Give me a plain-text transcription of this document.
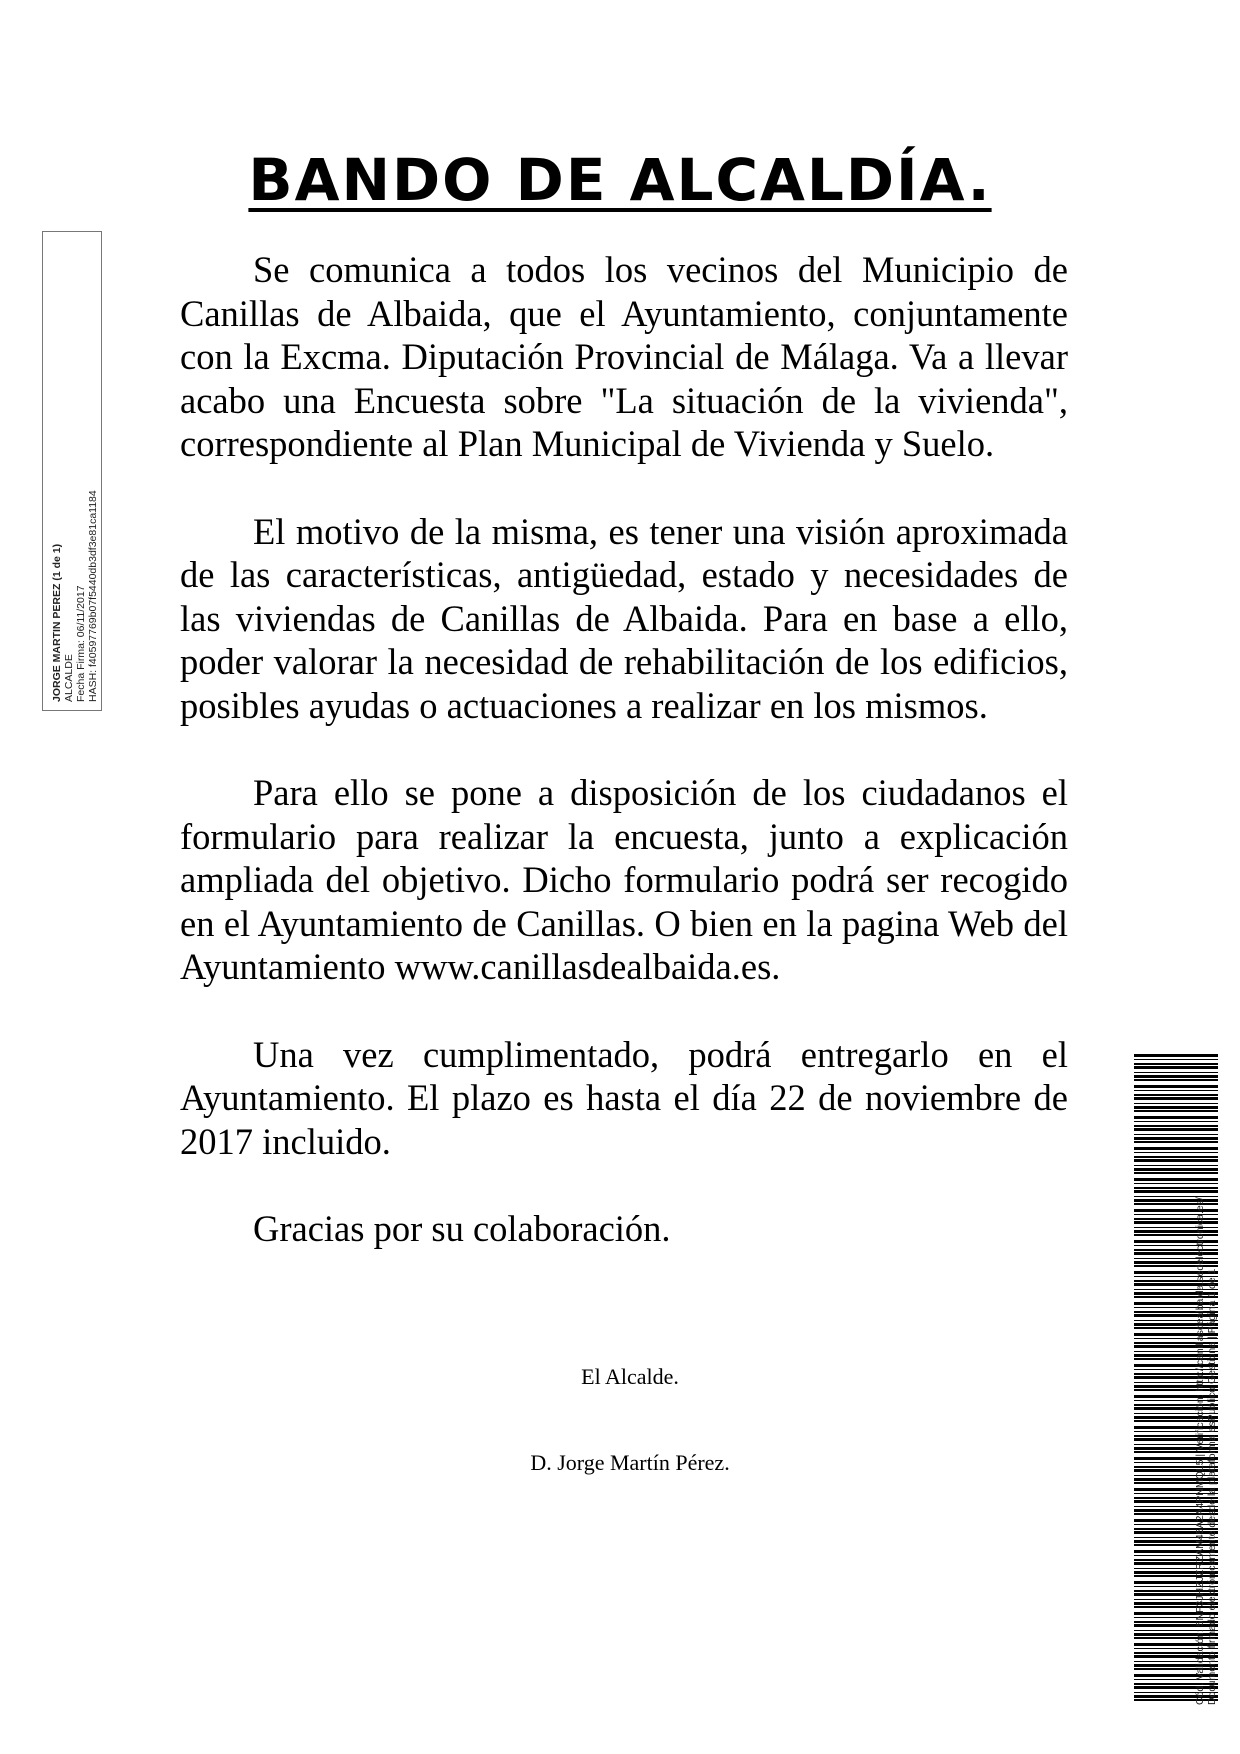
BANDO DE ALCALDÍA.

Se comunica a todos los vecinos del Municipio de Canillas de Albaida, que el Ayuntamiento, conjuntamente con la Excma. Diputación Provincial de Málaga. Va a llevar acabo una Encuesta sobre "La situación de la vivienda", correspondiente al Plan Municipal de Vivienda y Suelo.

El motivo de la misma, es tener una visión aproximada de las características, antigüedad, estado y necesidades de las viviendas de Canillas de Albaida. Para en base a ello, poder valorar la necesidad de rehabilitación de los edificios, posibles ayudas o actuaciones a realizar en los mismos.

Para ello se pone a disposición de los ciudadanos el formulario para realizar la encuesta, junto a explicación ampliada del objetivo. Dicho formulario podrá ser recogido en el Ayuntamiento de Canillas. O bien en la pagina Web del Ayuntamiento www.canillasdealbaida.es.

Una vez cumplimentado, podrá entregarlo en el Ayuntamiento. El plazo es hasta el día 22 de noviembre de 2017 incluido.

Gracias por su colaboración.

El Alcalde.
D. Jorge Martín Pérez.
JORGE MARTIN PEREZ (1 de 1) ALCALDE Fecha Firma: 06/11/2017 HASH: f40597769b07f5440db3df3e81ca1184
Cód. Validación: 5NF3JHZJZRZAM45A2A4PNMQL5 | Verificación: http://canillasdealbaida.sedelectronica.es/ Documento firmado electrónicamente desde la plataforma esPublico Gestiona | Página 1 de 1
